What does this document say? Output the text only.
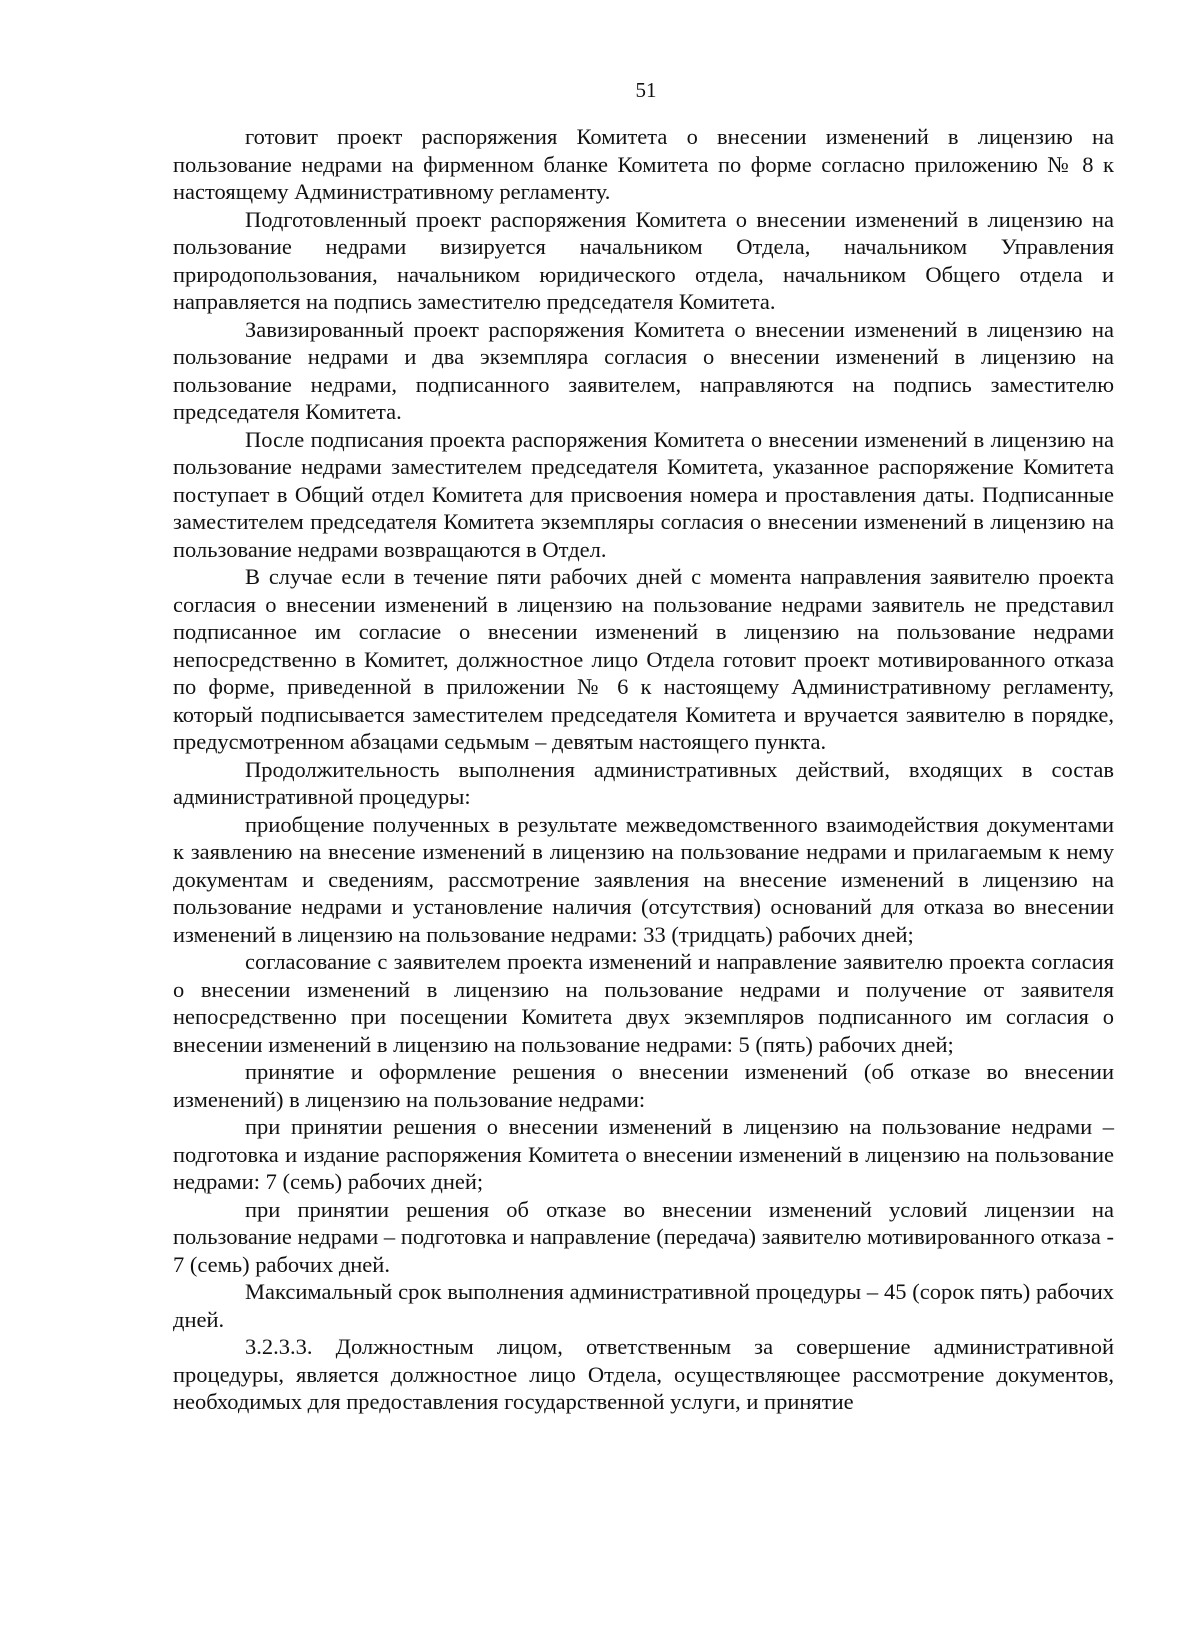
51

готовит проект распоряжения Комитета о внесении изменений в лицензию на пользование недрами на фирменном бланке Комитета по форме согласно приложению № 8 к настоящему Административному регламенту.

Подготовленный проект распоряжения Комитета о внесении изменений в лицензию на пользование недрами визируется начальником Отдела, начальником Управления природопользования, начальником юридического отдела, начальником Общего отдела и направляется на подпись заместителю председателя Комитета.

Завизированный проект распоряжения Комитета о внесении изменений в лицензию на пользование недрами и два экземпляра согласия о внесении изменений в лицензию на пользование недрами, подписанного заявителем, направляются на подпись заместителю председателя Комитета.

После подписания проекта распоряжения Комитета о внесении изменений в лицензию на пользование недрами заместителем председателя Комитета, указанное распоряжение Комитета поступает в Общий отдел Комитета для присвоения номера и проставления даты. Подписанные заместителем председателя Комитета экземпляры согласия о внесении изменений в лицензию на пользование недрами возвращаются в Отдел.

В случае если в течение пяти рабочих дней с момента направления заявителю проекта согласия о внесении изменений в лицензию на пользование недрами заявитель не представил подписанное им согласие о внесении изменений в лицензию на пользование недрами непосредственно в Комитет, должностное лицо Отдела готовит проект мотивированного отказа по форме, приведенной в приложении № 6 к настоящему Административному регламенту, который подписывается заместителем председателя Комитета и вручается заявителю в порядке, предусмотренном абзацами седьмым – девятым настоящего пункта.

Продолжительность выполнения административных действий, входящих в состав административной процедуры:

приобщение полученных в результате межведомственного взаимодействия документами к заявлению на внесение изменений в лицензию на пользование недрами и прилагаемым к нему документам и сведениям, рассмотрение заявления на внесение изменений в лицензию на пользование недрами и установление наличия (отсутствия) оснований для отказа во внесении изменений в лицензию на пользование недрами: 33 (тридцать) рабочих дней;

согласование с заявителем проекта изменений и направление заявителю проекта согласия о внесении изменений в лицензию на пользование недрами и получение от заявителя непосредственно при посещении Комитета двух экземпляров подписанного им согласия о внесении изменений в лицензию на пользование недрами: 5 (пять) рабочих дней;

принятие и оформление решения о внесении изменений (об отказе во внесении изменений) в лицензию на пользование недрами:

при принятии решения о внесении изменений в лицензию на пользование недрами – подготовка и издание распоряжения Комитета о внесении изменений в лицензию на пользование недрами: 7 (семь) рабочих дней;

при принятии решения об отказе во внесении изменений условий лицензии на пользование недрами – подготовка и направление (передача) заявителю мотивированного отказа - 7 (семь) рабочих дней.

Максимальный срок выполнения административной процедуры – 45 (сорок пять) рабочих дней.

3.2.3.3. Должностным лицом, ответственным за совершение административной процедуры, является должностное лицо Отдела, осуществляющее рассмотрение документов, необходимых для предоставления государственной услуги, и принятие
